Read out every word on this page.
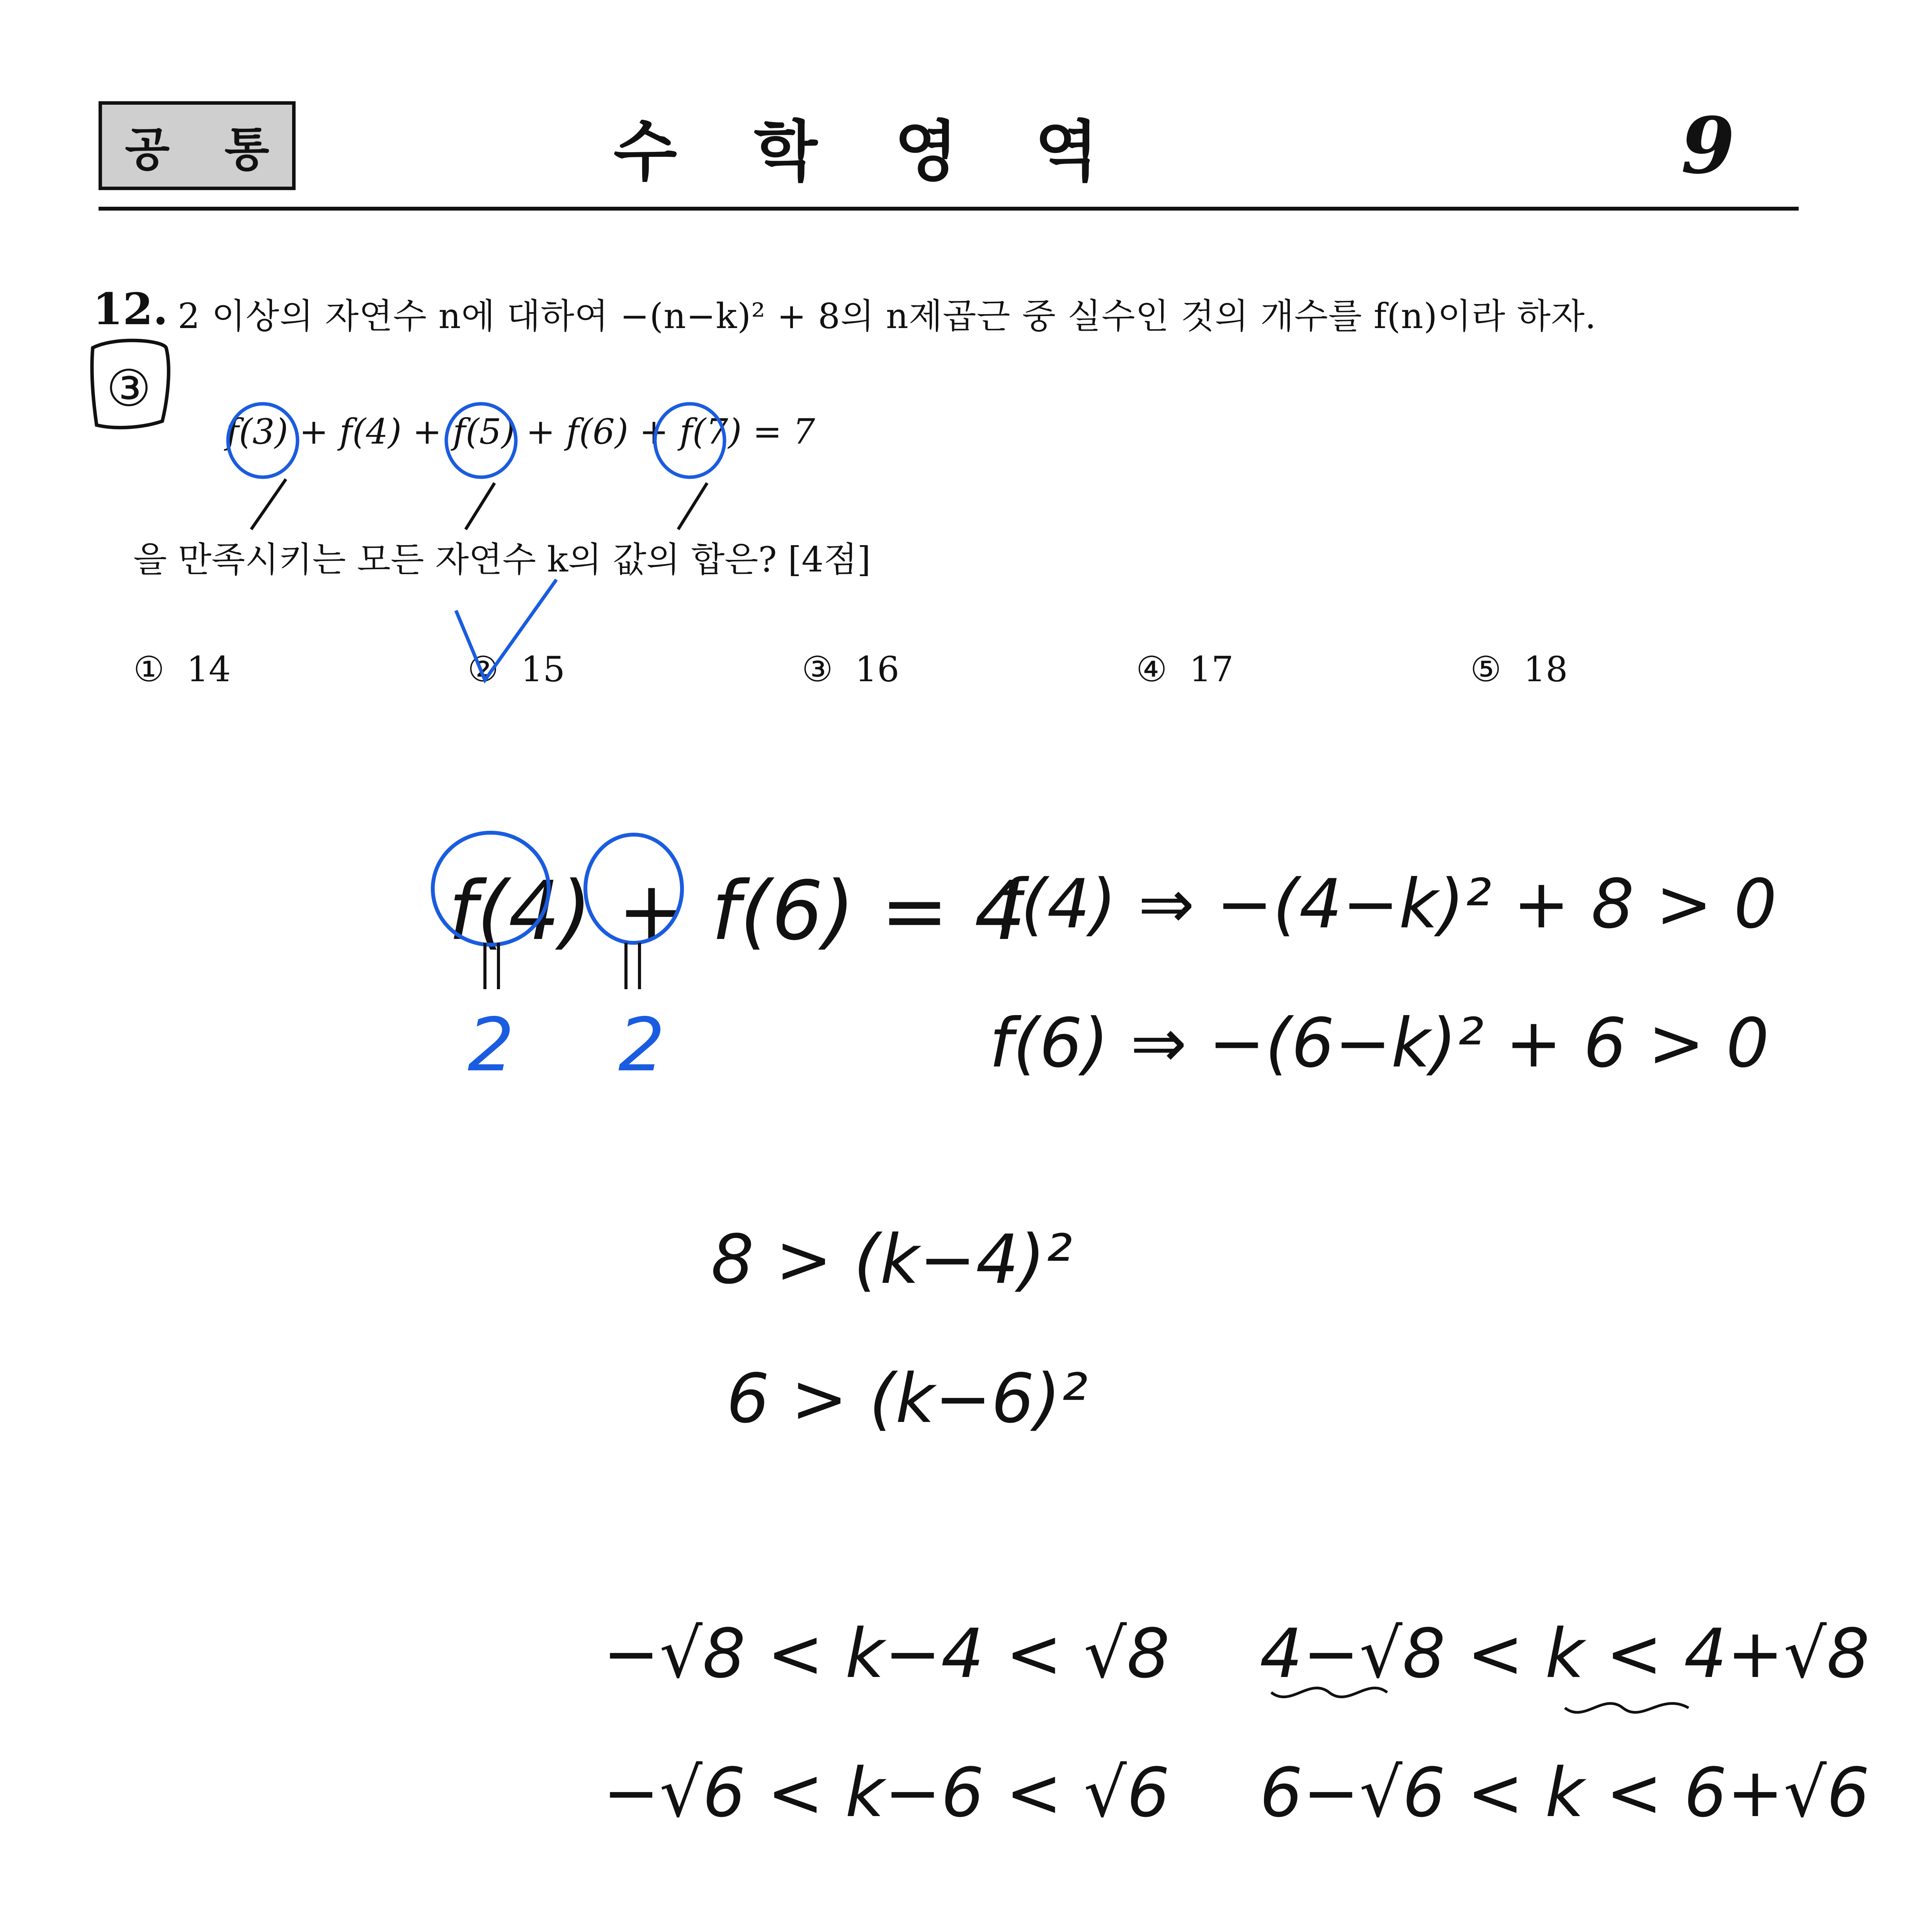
공 통	수 학 영 역	9
12. 2 이상의 자연수 n에 대하여 −(n−k)² + 8의 n제곱근 중 실수인 것의 개수를 f(n)이라 하자.
f(3) + f(4) + f(5) + f(6) + f(7) = 7
을 만족시키는 모든 자연수 k의 값의 합은? [4점]
① 14	② 15	③ 16	④ 17	⑤ 18
③
f(4) + f(6) = 4
2 2
f(4) ⇒ −(4−k)² + 8 > 0
f(6) ⇒ −(6−k)² + 6 > 0
8 > (k−4)²
6 > (k−6)²
−√8 < k−4 < √8
−√6 < k−6 < √6
4−√8 < k < 4+√8
6−√6 < k < 6+√6
